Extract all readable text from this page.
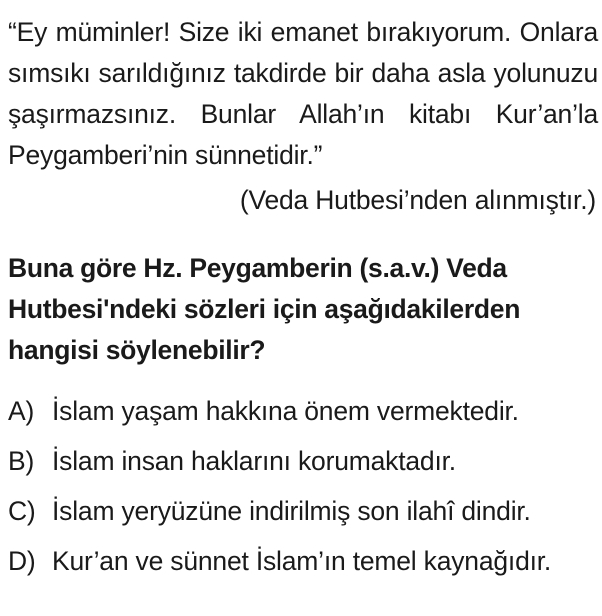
“Ey müminler! Size iki emanet bırakıyorum. Onlara sımsıkı sarıldığınız takdirde bir daha asla yolunuzu şaşırmazsınız. Bunlar Allah’ın kitabı Kur’an’la Peygamberi’nin sünnetidir.”
(Veda Hutbesi’nden alınmıştır.)
Buna göre Hz. Peygamberin (s.a.v.) Veda Hutbesi'ndeki sözleri için aşağıdakilerden hangisi söylenebilir?
A) İslam yaşam hakkına önem vermektedir.
B) İslam insan haklarını korumaktadır.
C) İslam yeryüzüne indirilmiş son ilahî dindir.
D) Kur’an ve sünnet İslam’ın temel kaynağıdır.
